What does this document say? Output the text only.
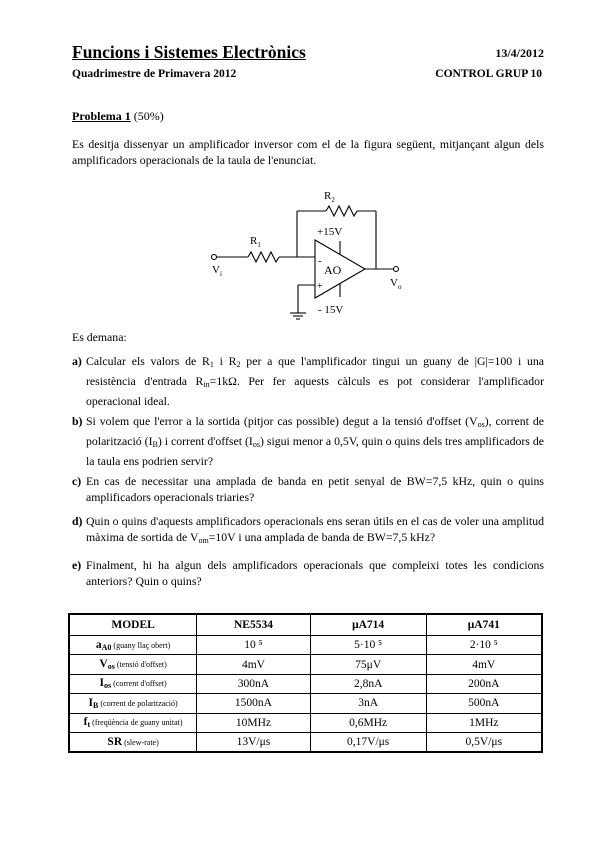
Funcions i Sistemes Electrònics	13/4/2012
Quadrimestre de Primavera 2012	CONTROL GRUP 10
Problema 1 (50%)
Es desitja dissenyar un amplificador inversor com el de la figura següent, mitjançant algun dels amplificadors operacionals de la taula de l'enunciat.
$R_2$
$R_1$
+15V
- 15V
AO
-
+
$V_i$
$V_o$
Es demana:
a) Calcular els valors de $R_1$ i $R_2$ per a que l'amplificador tingui un guany de |G|=100 i una resistència d'entrada $R_{in}=1k\Omega$. Per fer aquests càlculs es pot considerar l'amplificador operacional ideal.
b) Si volem que l'error a la sortida (pitjor cas possible) degut a la tensió d'offset $(V_{os})$, corrent de polarització $(I_B)$ i corrent d'offset $(I_{os})$ sigui menor a 0,5V, quin o quins dels tres amplificadors de la taula ens podrien servir?
c) En cas de necessitar una amplada de banda en petit senyal de BW=7,5 kHz, quin o quins amplificadors operacionals triaries?
d) Quin o quins d'aquests amplificadors operacionals ens seran útils en el cas de voler una amplitud màxima de sortida de $V_{om}=10V$ i una amplada de banda de BW=7,5 kHz?
e) Finalment, hi ha algun dels amplificadors operacionals que compleixi totes les condicions anteriors? Quin o quins?
MODEL	NE5534	μA714	μA741
$a_{A0}$ (guany llaç obert)	10 ⁵	5·10 ⁵	2·10 ⁵
$V_{os}$ (tensió d'offset)	4mV	75μV	4mV
$I_{os}$ (corrent d'offset)	300nA	2,8nA	200nA
$I_B$ (corrent de polarització)	1500nA	3nA	500nA
$f_t$ (freqüència de guany unitat)	10MHz	0,6MHz	1MHz
SR (slew-rate)	13V/μs	0,17V/μs	0,5V/μs
